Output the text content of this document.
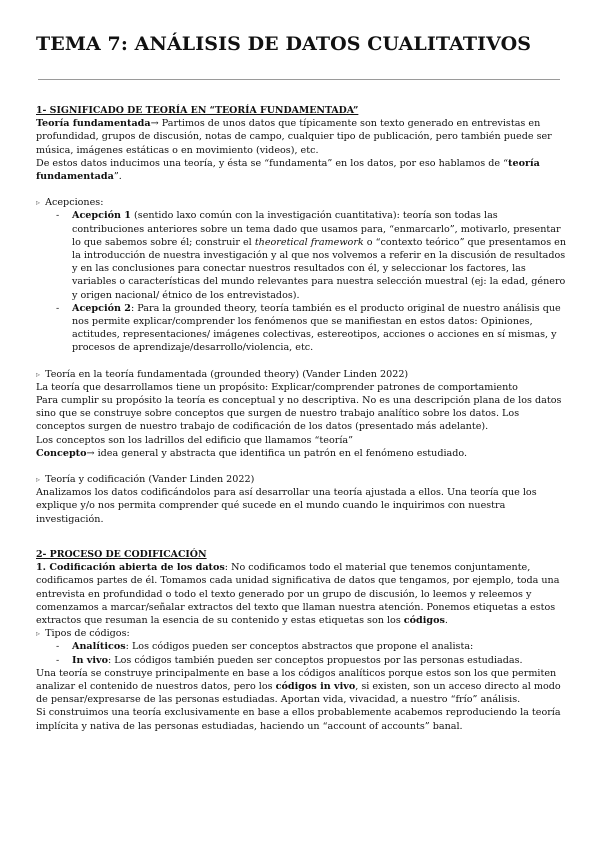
TEMA 7: ANÁLISIS DE DATOS CUALITATIVOS

1- SIGNIFICADO DE TEORÍA EN “TEORÍA FUNDAMENTADA”

Teoría fundamentada→ Partimos de unos datos que típicamente son texto generado en entrevistas en profundidad, grupos de discusión, notas de campo, cualquier tipo de publicación, pero también puede ser música, imágenes estáticas o en movimiento (videos), etc.

De estos datos inducimos una teoría, y ésta se “fundamenta” en los datos, por eso hablamos de “teoría fundamentada”.

▹ Acepciones:

- Acepción 1 (sentido laxo común con la investigación cuantitativa): teoría son todas las contribuciones anteriores sobre un tema dado que usamos para, “enmarcarlo”, motivarlo, presentar lo que sabemos sobre él; construir el theoretical framework o “contexto teórico” que presentamos en la introducción de nuestra investigación y al que nos volvemos a referir en la discusión de resultados y en las conclusiones para conectar nuestros resultados con él, y seleccionar los factores, las variables o características del mundo relevantes para nuestra selección muestral (ej: la edad, género y origen nacional/ étnico de los entrevistados).
- Acepción 2: Para la grounded theory, teoría también es el producto original de nuestro análisis que nos permite explicar/comprender los fenómenos que se manifiestan en estos datos: Opiniones, actitudes, representaciones/ imágenes colectivas, estereotipos, acciones o acciones en sí mismas, y procesos de aprendizaje/desarrollo/violencia, etc.

▹ Teoría en la teoría fundamentada (grounded theory) (Vander Linden 2022)

La teoría que desarrollamos tiene un propósito: Explicar/comprender patrones de comportamiento

Para cumplir su propósito la teoría es conceptual y no descriptiva. No es una descripción plana de los datos sino que se construye sobre conceptos que surgen de nuestro trabajo analítico sobre los datos. Los conceptos surgen de nuestro trabajo de codificación de los datos (presentado más adelante).

Los conceptos son los ladrillos del edificio que llamamos “teoría”

Concepto→ idea general y abstracta que identifica un patrón en el fenómeno estudiado.

▹ Teoría y codificación (Vander Linden 2022)

Analizamos los datos codificándolos para así desarrollar una teoría ajustada a ellos. Una teoría que los explique y/o nos permita comprender qué sucede en el mundo cuando le inquirimos con nuestra investigación.

2- PROCESO DE CODIFICACIÓN

1. Codificación abierta de los datos: No codificamos todo el material que tenemos conjuntamente, codificamos partes de él. Tomamos cada unidad significativa de datos que tengamos, por ejemplo, toda una entrevista en profundidad o todo el texto generado por un grupo de discusión, lo leemos y releemos y comenzamos a marcar/señalar extractos del texto que llaman nuestra atención. Ponemos etiquetas a estos extractos que resuman la esencia de su contenido y estas etiquetas son los códigos.

▹ Tipos de códigos:

- Analíticos: Los códigos pueden ser conceptos abstractos que propone el analista:
- In vivo: Los códigos también pueden ser conceptos propuestos por las personas estudiadas.

Una teoría se construye principalmente en base a los códigos analíticos porque estos son los que permiten analizar el contenido de nuestros datos, pero los códigos in vivo, si existen, son un acceso directo al modo de pensar/expresarse de las personas estudiadas. Aportan vida, vivacidad, a nuestro “frío” análisis.

Si construimos una teoría exclusivamente en base a ellos probablemente acabemos reproduciendo la teoría implícita y nativa de las personas estudiadas, haciendo un “account of accounts” banal.
